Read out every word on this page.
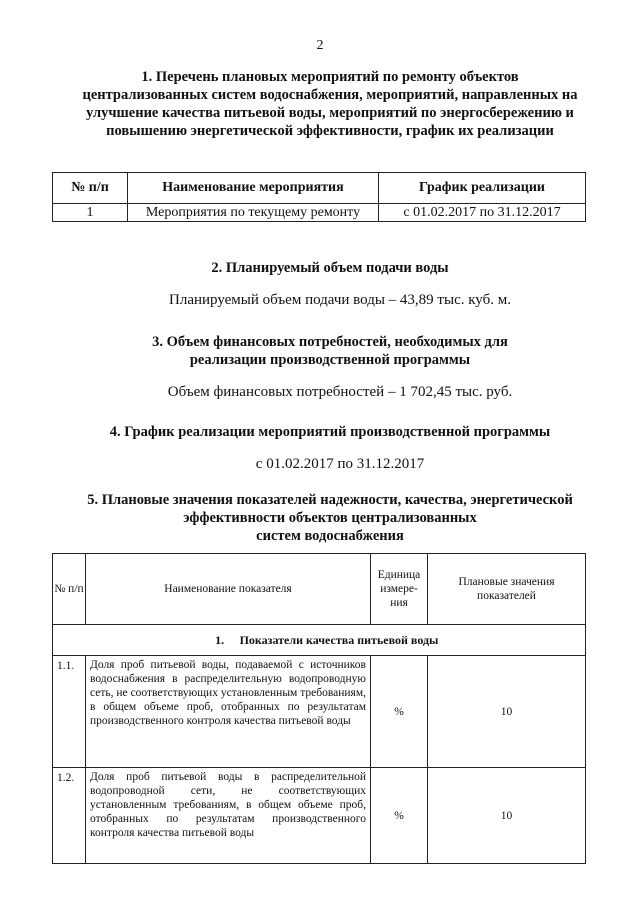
2
1. Перечень плановых мероприятий по ремонту объектов
централизованных систем водоснабжения, мероприятий, направленных на
улучшение качества питьевой воды, мероприятий по энергосбережению и
повышению энергетической эффективности, график их реализации
№ п/п	Наименование мероприятия	График реализации
1	Мероприятия по текущему ремонту	с 01.02.2017 по 31.12.2017
2. Планируемый объем подачи воды
Планируемый объем подачи воды – 43,89 тыс. куб. м.
3. Объем финансовых потребностей, необходимых для
реализации производственной программы
Объем финансовых потребностей – 1 702,45 тыс. руб.
4. График реализации мероприятий производственной программы
с 01.02.2017 по 31.12.2017
5. Плановые значения показателей надежности, качества, энергетической
эффективности объектов централизованных
систем водоснабжения
№ п/п	Наименование показателя	Единица измере-ния	Плановые значения показателей
1. Показатели качества питьевой воды			
1.1.	Доля проб питьевой воды, подаваемой с источников водоснабжения в распределительную водопроводную сеть, не соответствующих установленным требованиям, в общем объеме проб, отобранных по результатам производственного контроля качества питьевой воды	%	10
1.2.	Доля проб питьевой воды в распределительной водопроводной сети, не соответствующих установленным требованиям, в общем объеме проб, отобранных по результатам производственного контроля качества питьевой воды	%	10
